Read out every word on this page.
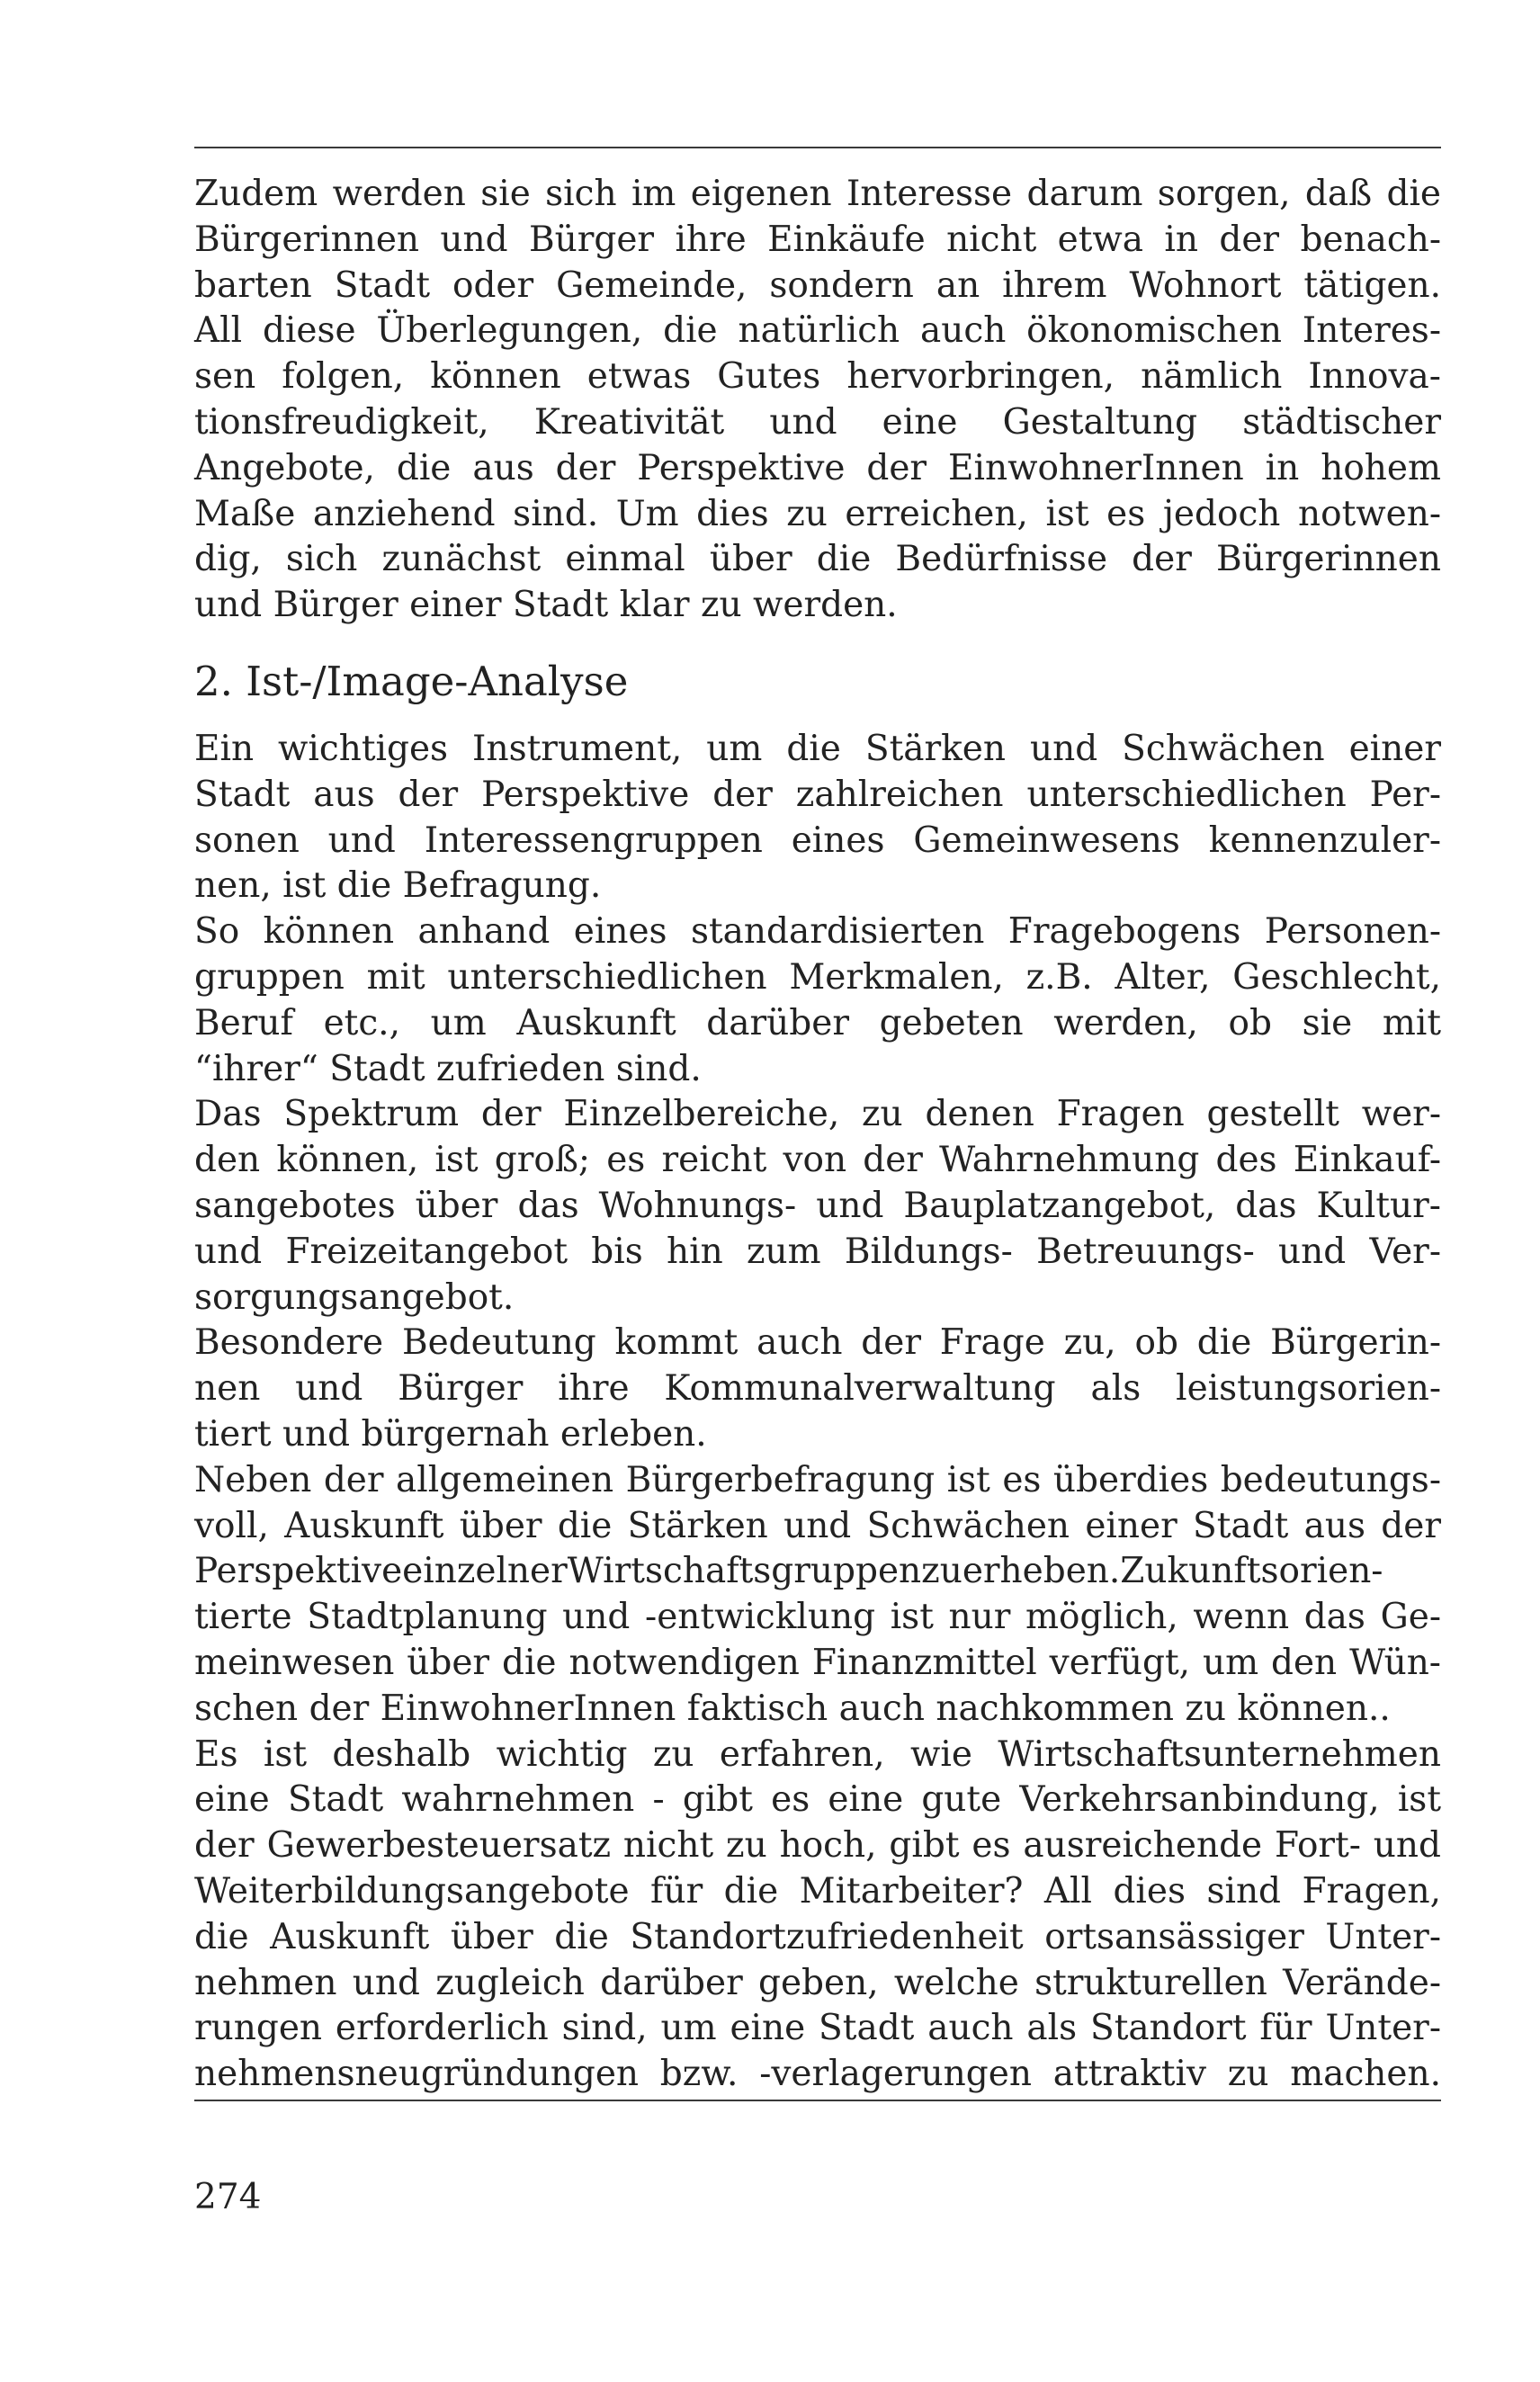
Zudem werden sie sich im eigenen Interesse darum sorgen, daß die
Bürgerinnen und Bürger ihre Einkäufe nicht etwa in der benach-
barten Stadt oder Gemeinde, sondern an ihrem Wohnort tätigen.
All diese Überlegungen, die natürlich auch ökonomischen Interes-
sen folgen, können etwas Gutes hervorbringen, nämlich Innova-
tionsfreudigkeit, Kreativität und eine Gestaltung städtischer
Angebote, die aus der Perspektive der EinwohnerInnen in hohem
Maße anziehend sind. Um dies zu erreichen, ist es jedoch notwen-
dig, sich zunächst einmal über die Bedürfnisse der Bürgerinnen
und Bürger einer Stadt klar zu werden.
2. Ist-/Image-Analyse
Ein wichtiges Instrument, um die Stärken und Schwächen einer
Stadt aus der Perspektive der zahlreichen unterschiedlichen Per-
sonen und Interessengruppen eines Gemeinwesens kennenzuler-
nen, ist die Befragung.
So können anhand eines standardisierten Fragebogens Personen-
gruppen mit unterschiedlichen Merkmalen, z.B. Alter, Geschlecht,
Beruf etc., um Auskunft darüber gebeten werden, ob sie mit
“ihrer“ Stadt zufrieden sind.
Das Spektrum der Einzelbereiche, zu denen Fragen gestellt wer-
den können, ist groß; es reicht von der Wahrnehmung des Einkauf-
sangebotes über das Wohnungs- und Bauplatzangebot, das Kultur-
und Freizeitangebot bis hin zum Bildungs- Betreuungs- und Ver-
sorgungsangebot.
Besondere Bedeutung kommt auch der Frage zu, ob die Bürgerin-
nen und Bürger ihre Kommunalverwaltung als leistungsorien-
tiert und bürgernah erleben.
Neben der allgemeinen Bürgerbefragung ist es überdies bedeutungs-
voll, Auskunft über die Stärken und Schwächen einer Stadt aus der
PerspektiveeinzelnerWirtschaftsgruppenzuerheben.Zukunftsorien-
tierte Stadtplanung und -entwicklung ist nur möglich, wenn das Ge-
meinwesen über die notwendigen Finanzmittel verfügt, um den Wün-
schen der EinwohnerInnen faktisch auch nachkommen zu können..
Es ist deshalb wichtig zu erfahren, wie Wirtschaftsunternehmen
eine Stadt wahrnehmen - gibt es eine gute Verkehrsanbindung, ist
der Gewerbesteuersatz nicht zu hoch, gibt es ausreichende Fort- und
Weiterbildungsangebote für die Mitarbeiter? All dies sind Fragen,
die Auskunft über die Standortzufriedenheit ortsansässiger Unter-
nehmen und zugleich darüber geben, welche strukturellen Verände-
rungen erforderlich sind, um eine Stadt auch als Standort für Unter-
nehmensneugründungen bzw. -verlagerungen attraktiv zu machen.
274
